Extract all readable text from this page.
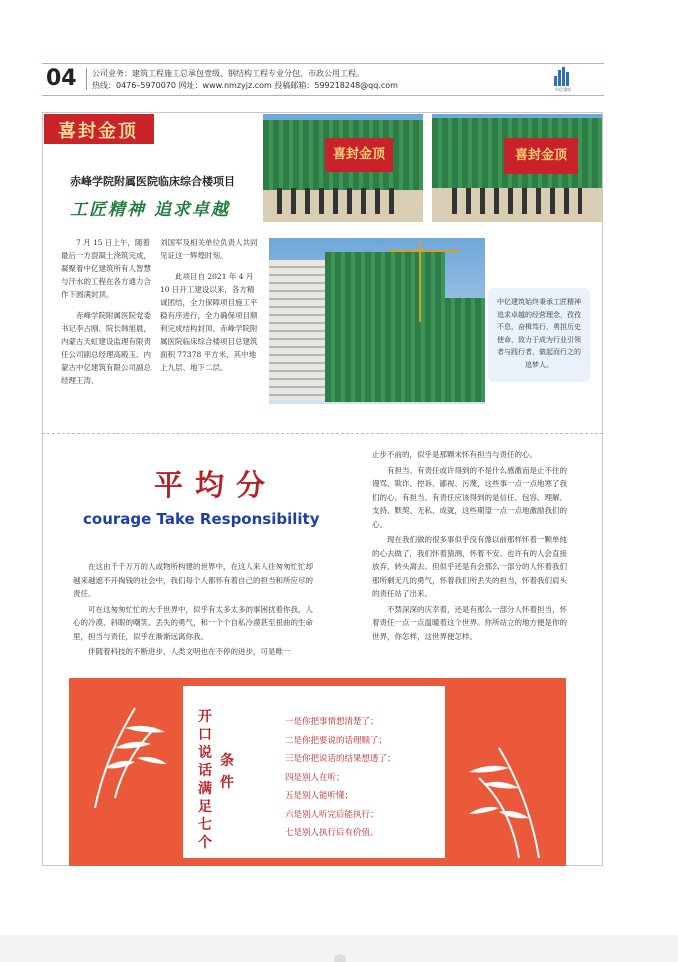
04 公司业务：建筑工程施工总承包壹级、钢结构工程专业分包、市政公用工程。
热线：0476–5970070 网址：www.nmzyjz.com 投稿邮箱：599218248@qq.com	中亿建筑
喜封金顶
赤峰学院附属医院临床综合楼项目
工匠精神 追求卓越
喜封金顶	喜封金顶

7 月 15 日上午，随着最后一方混凝土浇筑完成，凝聚着中亿建筑所有人智慧与汗水的工程在各方通力合作下圆满封顶。

赤峰学院附属医院党委书记李占刚、院长韩旭晨，内蒙古天虹建设监理有限责任公司副总经理高殿玉、内蒙古中亿建筑有限公司副总经理王涛、

刘国军及相关单位负责人共同见证这一辉煌时刻。

此项目自 2021 年 4 月 10 日开工建设以来，各方精诚团结，全力保障项目施工平稳有序进行，全力确保项目顺利完成结构封顶。赤峰学院附属医院临床综合楼项目总建筑面积 77378 平方米，其中地上九层、地下二层。

中亿建筑始终秉承工匠精神 追求卓越的经营理念，孜孜不息，奋楫笃行，勇担历史使命，致力于成为行业引领者与践行者，做起而行之的追梦人。
平均分
courage Take Responsibility

在这由千千万万的人或物所构建的世界中，在这人来人往匆匆忙忙却越来越遮不开掏钱的社会中，我们每个人都怀有着自己的担当和所应尽的责任。

可在这匆匆忙忙的大千世界中，似乎有太多太多的事困扰着你我，人心的冷漠、斜眼的嘲笑、丢失的勇气，和一个个自私冷漠甚至扭曲的生命里，担当与责任，似乎在渐渐远离你我。

伴随着科技的不断进步，人类文明也在不停的进步，可是唯一

止步不前的，似乎是那颗未怀有担当与责任的心。

有担当、有责任或许得到的不是什么感激而是止不住的谩骂、欺诈、控诉、鄙视、污蔑，这些事一点一点地寒了我们的心。有担当、有责任应该得到的是信任、包容、理解、支持、默契、无私、成就，这些期望一点一点地激励我们的心。

现在我们做的很多事似乎没有像以前那样怀着一颗单纯的心去做了，我们怀着猜测、怀着不安。也许有的人会直接放弃，转头离去。但似乎还是有会那么一部分的人怀着我们那所剩无几的勇气，怀着我们所丢失的担当，怀着我们肩头的责任站了出来。

不禁深深的庆幸着，还是有那么一部分人怀着担当，怀着责任一点一点温暖着这个世界。你所站立的地方便是你的世界，你怎样，这世界便怎样。

开
口
说
话
满
足
七
个
条
件
一是你把事情想清楚了；
二是你把要说的话理顺了；
三是你把说话的结果想透了；
四是别人在听；
五是别人能听懂；
六是别人听完后能执行；
七是别人执行后有价值。
